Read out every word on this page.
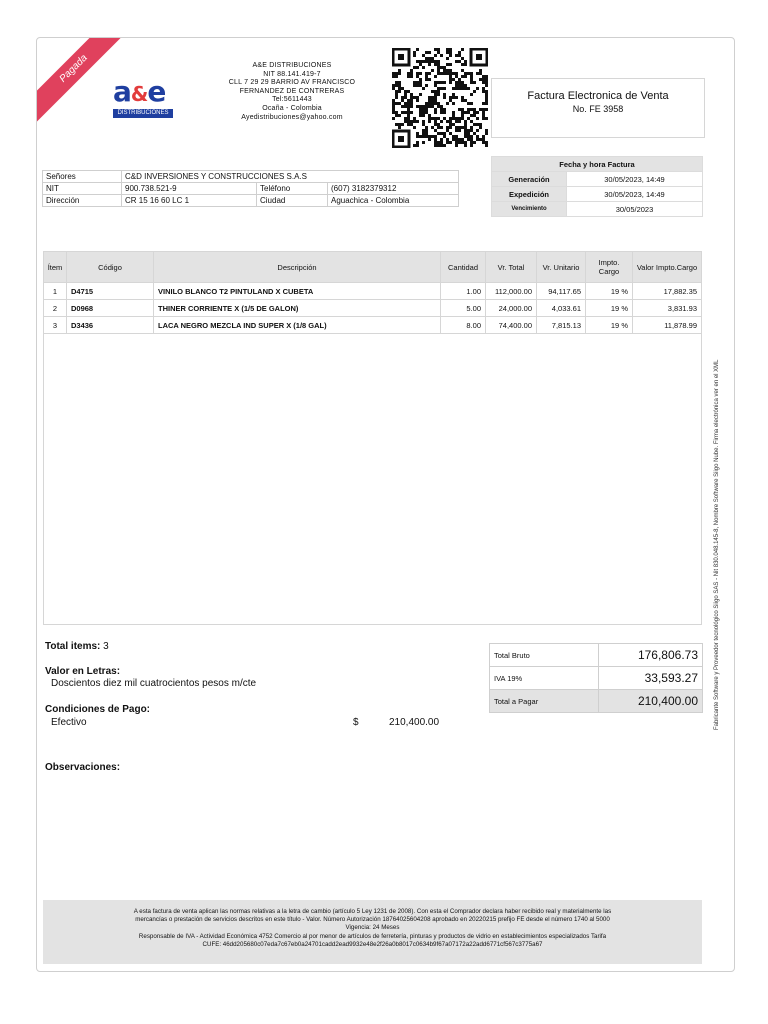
Pagada
a&e
DISTRIBUCIONES
A&E DISTRIBUCIONES
NIT 88.141.419-7
CLL 7 29 29 BARRIO AV FRANCISCO
FERNANDEZ DE CONTRERAS
Tel:5611443
Ocaña - Colombia
Ayedistribuciones@yahoo.com
Factura Electronica de Venta
No. FE 3958
Señores	C&D INVERSIONES Y CONSTRUCCIONES S.A.S		
NIT	900.738.521-9	Teléfono	(607) 3182379312
Dirección	CR 15 16 60 LC 1	Ciudad	Aguachica - Colombia
Fecha y hora Factura	
Generación	30/05/2023, 14:49
Expedición	30/05/2023, 14:49
Vencimiento	30/05/2023
Ítem	Código	Descripción	Cantidad	Vr. Total	Vr. Unitario	Impto. Cargo	Valor Impto.Cargo
1	D4715	VINILO BLANCO T2 PINTULAND X CUBETA	1.00	112,000.00	94,117.65	19 %	17,882.35
2	D0968	THINER CORRIENTE X (1/5 DE GALON)	5.00	24,000.00	4,033.61	19 %	3,831.93
3	D3436	LACA NEGRO MEZCLA IND SUPER X (1/8 GAL)	8.00	74,400.00	7,815.13	19 %	11,878.99

Total items: 3
Valor en Letras:
Doscientos diez mil cuatrocientos pesos m/cte
Condiciones de Pago:
Efectivo	$	210,400.00
Observaciones:
Total Bruto	176,806.73
IVA 19%	33,593.27
Total a Pagar	210,400.00
A esta factura de venta aplican las normas relativas a la letra de cambio (artículo 5 Ley 1231 de 2008). Con esta el Comprador declara haber recibido real y materialmente las
mercancías o prestación de servicios descritos en este título - Valor. Número Autorización 18764025604208 aprobado en 20220215 prefijo FE desde el número 1740 al 5000
Vigencia: 24 Meses
Responsable de IVA - Actividad Económica 4752 Comercio al por menor de artículos de ferretería, pinturas y productos de vidrio en establecimientos especializados Tarifa
CUFE: 46dd205680c07eda7c67eb0a24701cadd2ead9932e48e2f26a0b8017c0634b9f67a07172a22add6771cf567c3775a67
Fabricante Software y Proveedor tecnológico Siigo SAS - Nit 830.048.145-8, Nombre Software Siigo Nube. Firma electrónica ver en el XML
